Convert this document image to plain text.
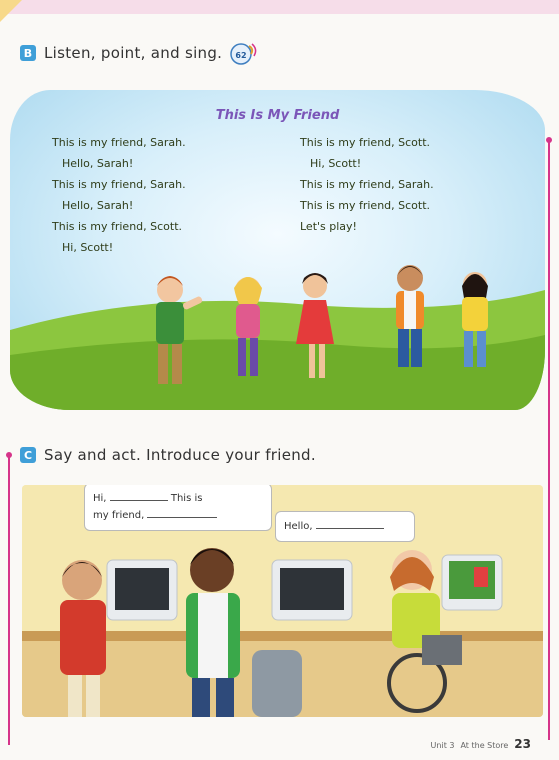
B Listen, point, and sing. 62
This Is My Friend
This is my friend, Sarah.
Hello, Sarah!
This is my friend, Sarah.
Hello, Sarah!
This is my friend, Scott.
Hi, Scott!
This is my friend, Scott.
Hi, Scott!
This is my friend, Sarah.
This is my friend, Scott.
Let's play!
C Say and act. Introduce your friend.
Hi,	This is
my friend,
Hello,
Unit 3 At the Store 23
